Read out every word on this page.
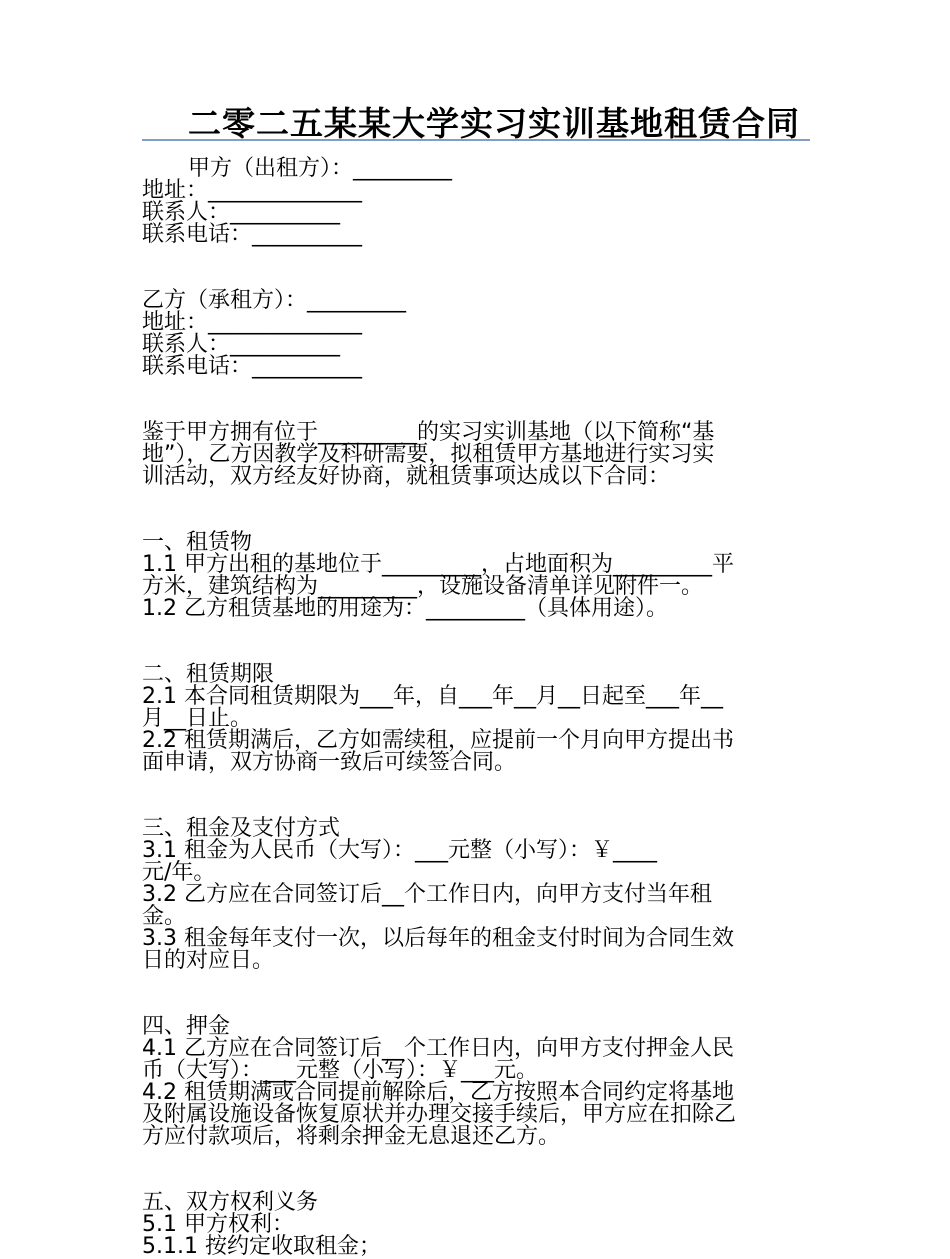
二零二五某某大学实习实训基地租赁合同
甲方（出租方）：_________
地址：______________
联系人：__________
联系电话：__________
乙方（承租方）：_________
地址：______________
联系人：__________
联系电话：__________
鉴于甲方拥有位于_________的实习实训基地（以下简称“基
地”），乙方因教学及科研需要，拟租赁甲方基地进行实习实
训活动，双方经友好协商，就租赁事项达成以下合同：
一、租赁物
1.1 甲方出租的基地位于_________，占地面积为_________平
方米，建筑结构为_________，设施设备清单详见附件一。
1.2 乙方租赁基地的用途为：_________（具体用途）。
二、租赁期限
2.1 本合同租赁期限为___年，自___年__月__日起至___年__
月__日止。
2.2 租赁期满后，乙方如需续租，应提前一个月向甲方提出书
面申请，双方协商一致后可续签合同。
三、租金及支付方式
3.1 租金为人民币（大写）：___元整（小写）：￥____
元/年。
3.2 乙方应在合同签订后__个工作日内，向甲方支付当年租
金。
3.3 租金每年支付一次，以后每年的租金支付时间为合同生效
日的对应日。
四、押金
4.1 乙方应在合同签订后__个工作日内，向甲方支付押金人民
币（大写）：___元整（小写）：￥___元。
4.2 租赁期满或合同提前解除后，乙方按照本合同约定将基地
及附属设施设备恢复原状并办理交接手续后，甲方应在扣除乙
方应付款项后，将剩余押金无息退还乙方。
五、双方权利义务
5.1 甲方权利：
5.1.1 按约定收取租金；
